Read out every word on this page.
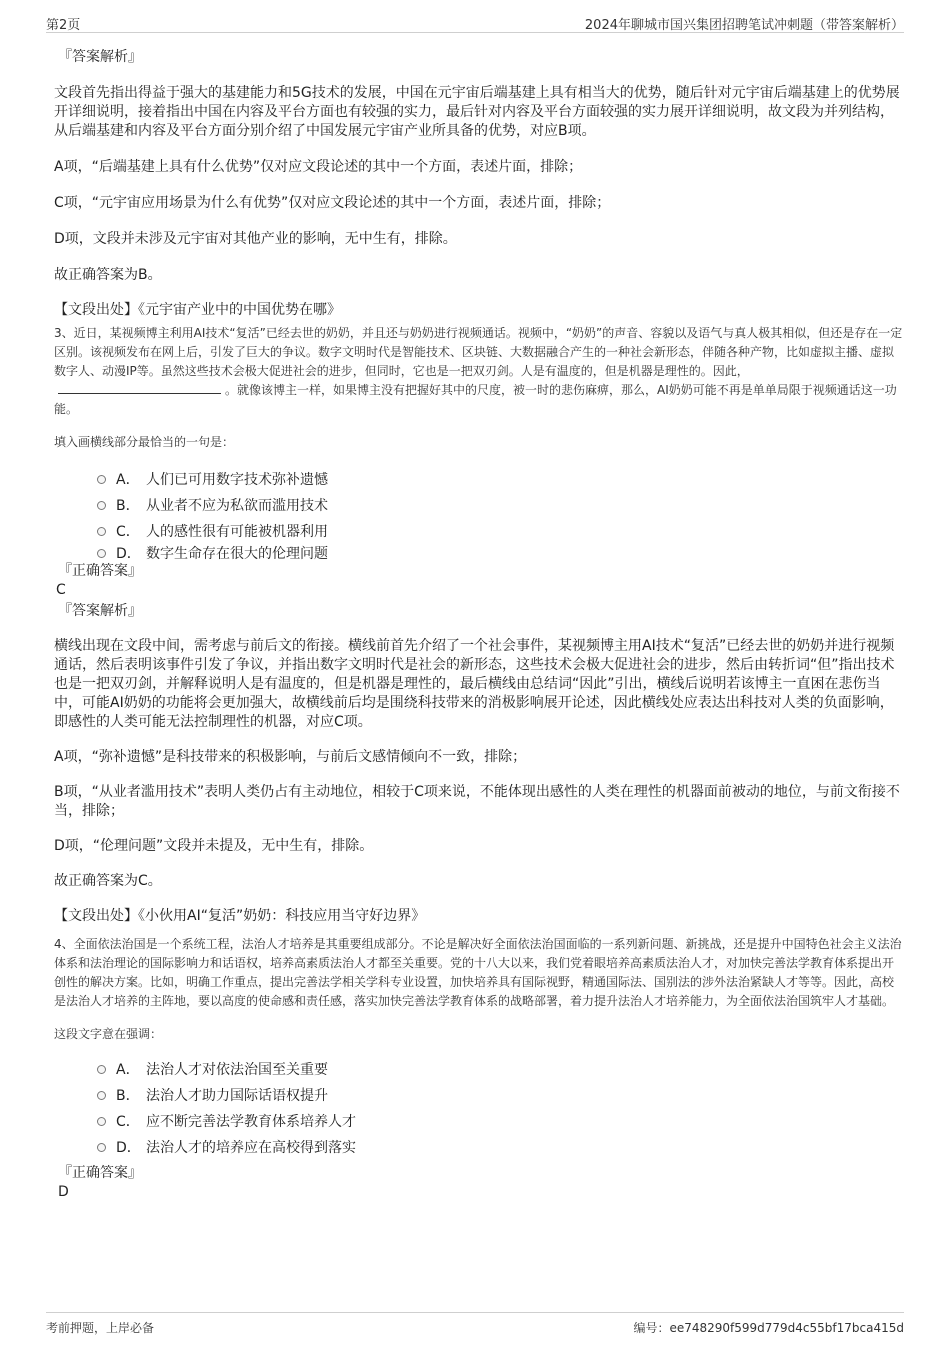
第2页	2024年聊城市国兴集团招聘笔试冲刺题（带答案解析）

『答案解析』

文段首先指出得益于强大的基建能力和5G技术的发展，中国在元宇宙后端基建上具有相当大的优势，随后针对元宇宙后端基建上的优势展开详细说明，接着指出中国在内容及平台方面也有较强的实力，最后针对内容及平台方面较强的实力展开详细说明，故文段为并列结构，从后端基建和内容及平台方面分别介绍了中国发展元宇宙产业所具备的优势，对应B项。

A项，“后端基建上具有什么优势”仅对应文段论述的其中一个方面，表述片面，排除；

C项，“元宇宙应用场景为什么有优势”仅对应文段论述的其中一个方面，表述片面，排除；

D项，文段并未涉及元宇宙对其他产业的影响，无中生有，排除。

故正确答案为B。

【文段出处】《元宇宙产业中的中国优势在哪》

3、近日，某视频博主利用AI技术“复活”已经去世的奶奶，并且还与奶奶进行视频通话。视频中，“奶奶”的声音、容貌以及语气与真人极其相似，但还是存在一定区别。该视频发布在网上后，引发了巨大的争议。数字文明时代是智能技术、区块链、大数据融合产生的一种社会新形态，伴随各种产物，比如虚拟主播、虚拟数字人、动漫IP等。虽然这些技术会极大促进社会的进步，但同时，它也是一把双刃剑。人是有温度的，但是机器是理性的。因此，。就像该博主一样，如果博主没有把握好其中的尺度，被一时的悲伤麻痹，那么，AI奶奶可能不再是单单局限于视频通话这一功能。

填入画横线部分最恰当的一句是：

A． 人们已可用数字技术弥补遗憾
B． 从业者不应为私欲而滥用技术
C． 人的感性很有可能被机器利用
D． 数字生命存在很大的伦理问题

『正确答案』

C

『答案解析』

横线出现在文段中间，需考虑与前后文的衔接。横线前首先介绍了一个社会事件，某视频博主用AI技术“复活”已经去世的奶奶并进行视频通话，然后表明该事件引发了争议，并指出数字文明时代是社会的新形态，这些技术会极大促进社会的进步，然后由转折词“但”指出技术也是一把双刃剑，并解释说明人是有温度的，但是机器是理性的，最后横线由总结词“因此”引出，横线后说明若该博主一直困在悲伤当中，可能AI奶奶的功能将会更加强大，故横线前后均是围绕科技带来的消极影响展开论述，因此横线处应表达出科技对人类的负面影响，即感性的人类可能无法控制理性的机器，对应C项。

A项，“弥补遗憾”是科技带来的积极影响，与前后文感情倾向不一致，排除；

B项，“从业者滥用技术”表明人类仍占有主动地位，相较于C项来说，不能体现出感性的人类在理性的机器面前被动的地位，与前文衔接不当，排除；

D项，“伦理问题”文段并未提及，无中生有，排除。

故正确答案为C。

【文段出处】《小伙用AI“复活”奶奶：科技应用当守好边界》

4、全面依法治国是一个系统工程，法治人才培养是其重要组成部分。不论是解决好全面依法治国面临的一系列新问题、新挑战，还是提升中国特色社会主义法治体系和法治理论的国际影响力和话语权，培养高素质法治人才都至关重要。党的十八大以来，我们党着眼培养高素质法治人才，对加快完善法学教育体系提出开创性的解决方案。比如，明确工作重点，提出完善法学相关学科专业设置，加快培养具有国际视野，精通国际法、国别法的涉外法治紧缺人才等等。因此，高校是法治人才培养的主阵地，要以高度的使命感和责任感，落实加快完善法学教育体系的战略部署，着力提升法治人才培养能力，为全面依法治国筑牢人才基础。

这段文字意在强调：

A． 法治人才对依法治国至关重要
B． 法治人才助力国际话语权提升
C． 应不断完善法学教育体系培养人才
D． 法治人才的培养应在高校得到落实

『正确答案』

D

考前押题，上岸必备	编号：ee748290f599d779d4c55bf17bca415d
